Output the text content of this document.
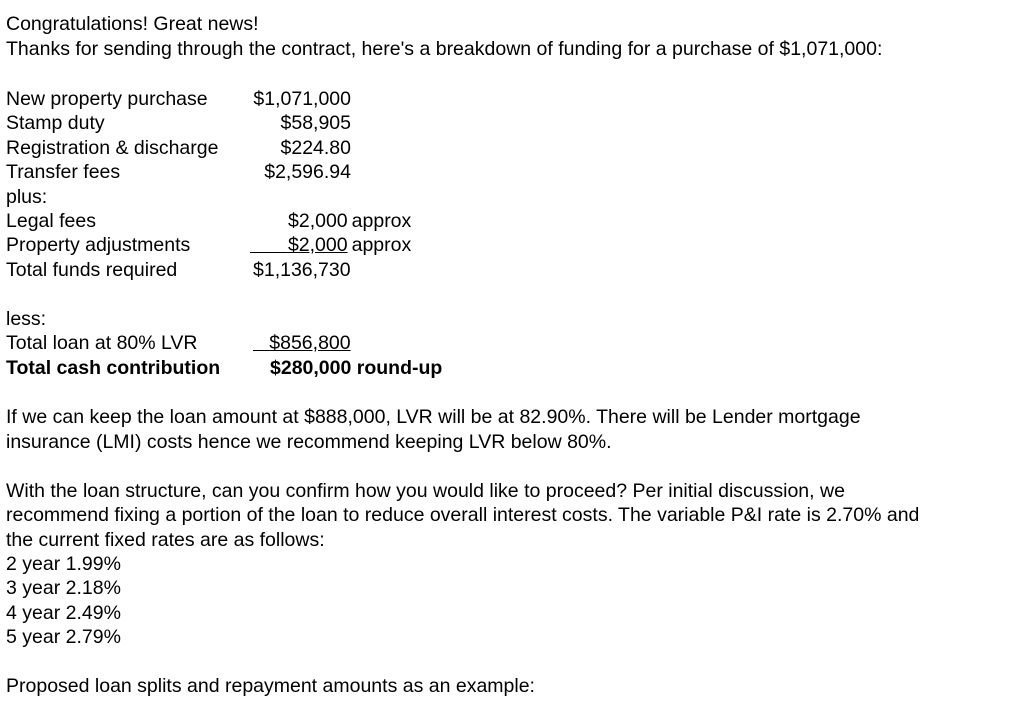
Congratulations! Great news!
Thanks for sending through the contract, here's a breakdown of funding for a purchase of $1,071,000:
New property purchase $1,071,000
Stamp duty	$58,905
Registration & discharge	$224.80
Transfer fees	$2,596.94
plus:
Legal fees	$2,000 approx
Property adjustments	$2,000 approx
Total funds required	$1,136,730
less:
Total loan at 80% LVR	$856,800
Total cash contribution	$280,000 round-up
If we can keep the loan amount at $888,000, LVR will be at 82.90%. There will be Lender mortgage
insurance (LMI) costs hence we recommend keeping LVR below 80%.
With the loan structure, can you confirm how you would like to proceed? Per initial discussion, we
recommend fixing a portion of the loan to reduce overall interest costs. The variable P&I rate is 2.70% and
the current fixed rates are as follows:
2 year 1.99%
3 year 2.18%
4 year 2.49%
5 year 2.79%
Proposed loan splits and repayment amounts as an example:
